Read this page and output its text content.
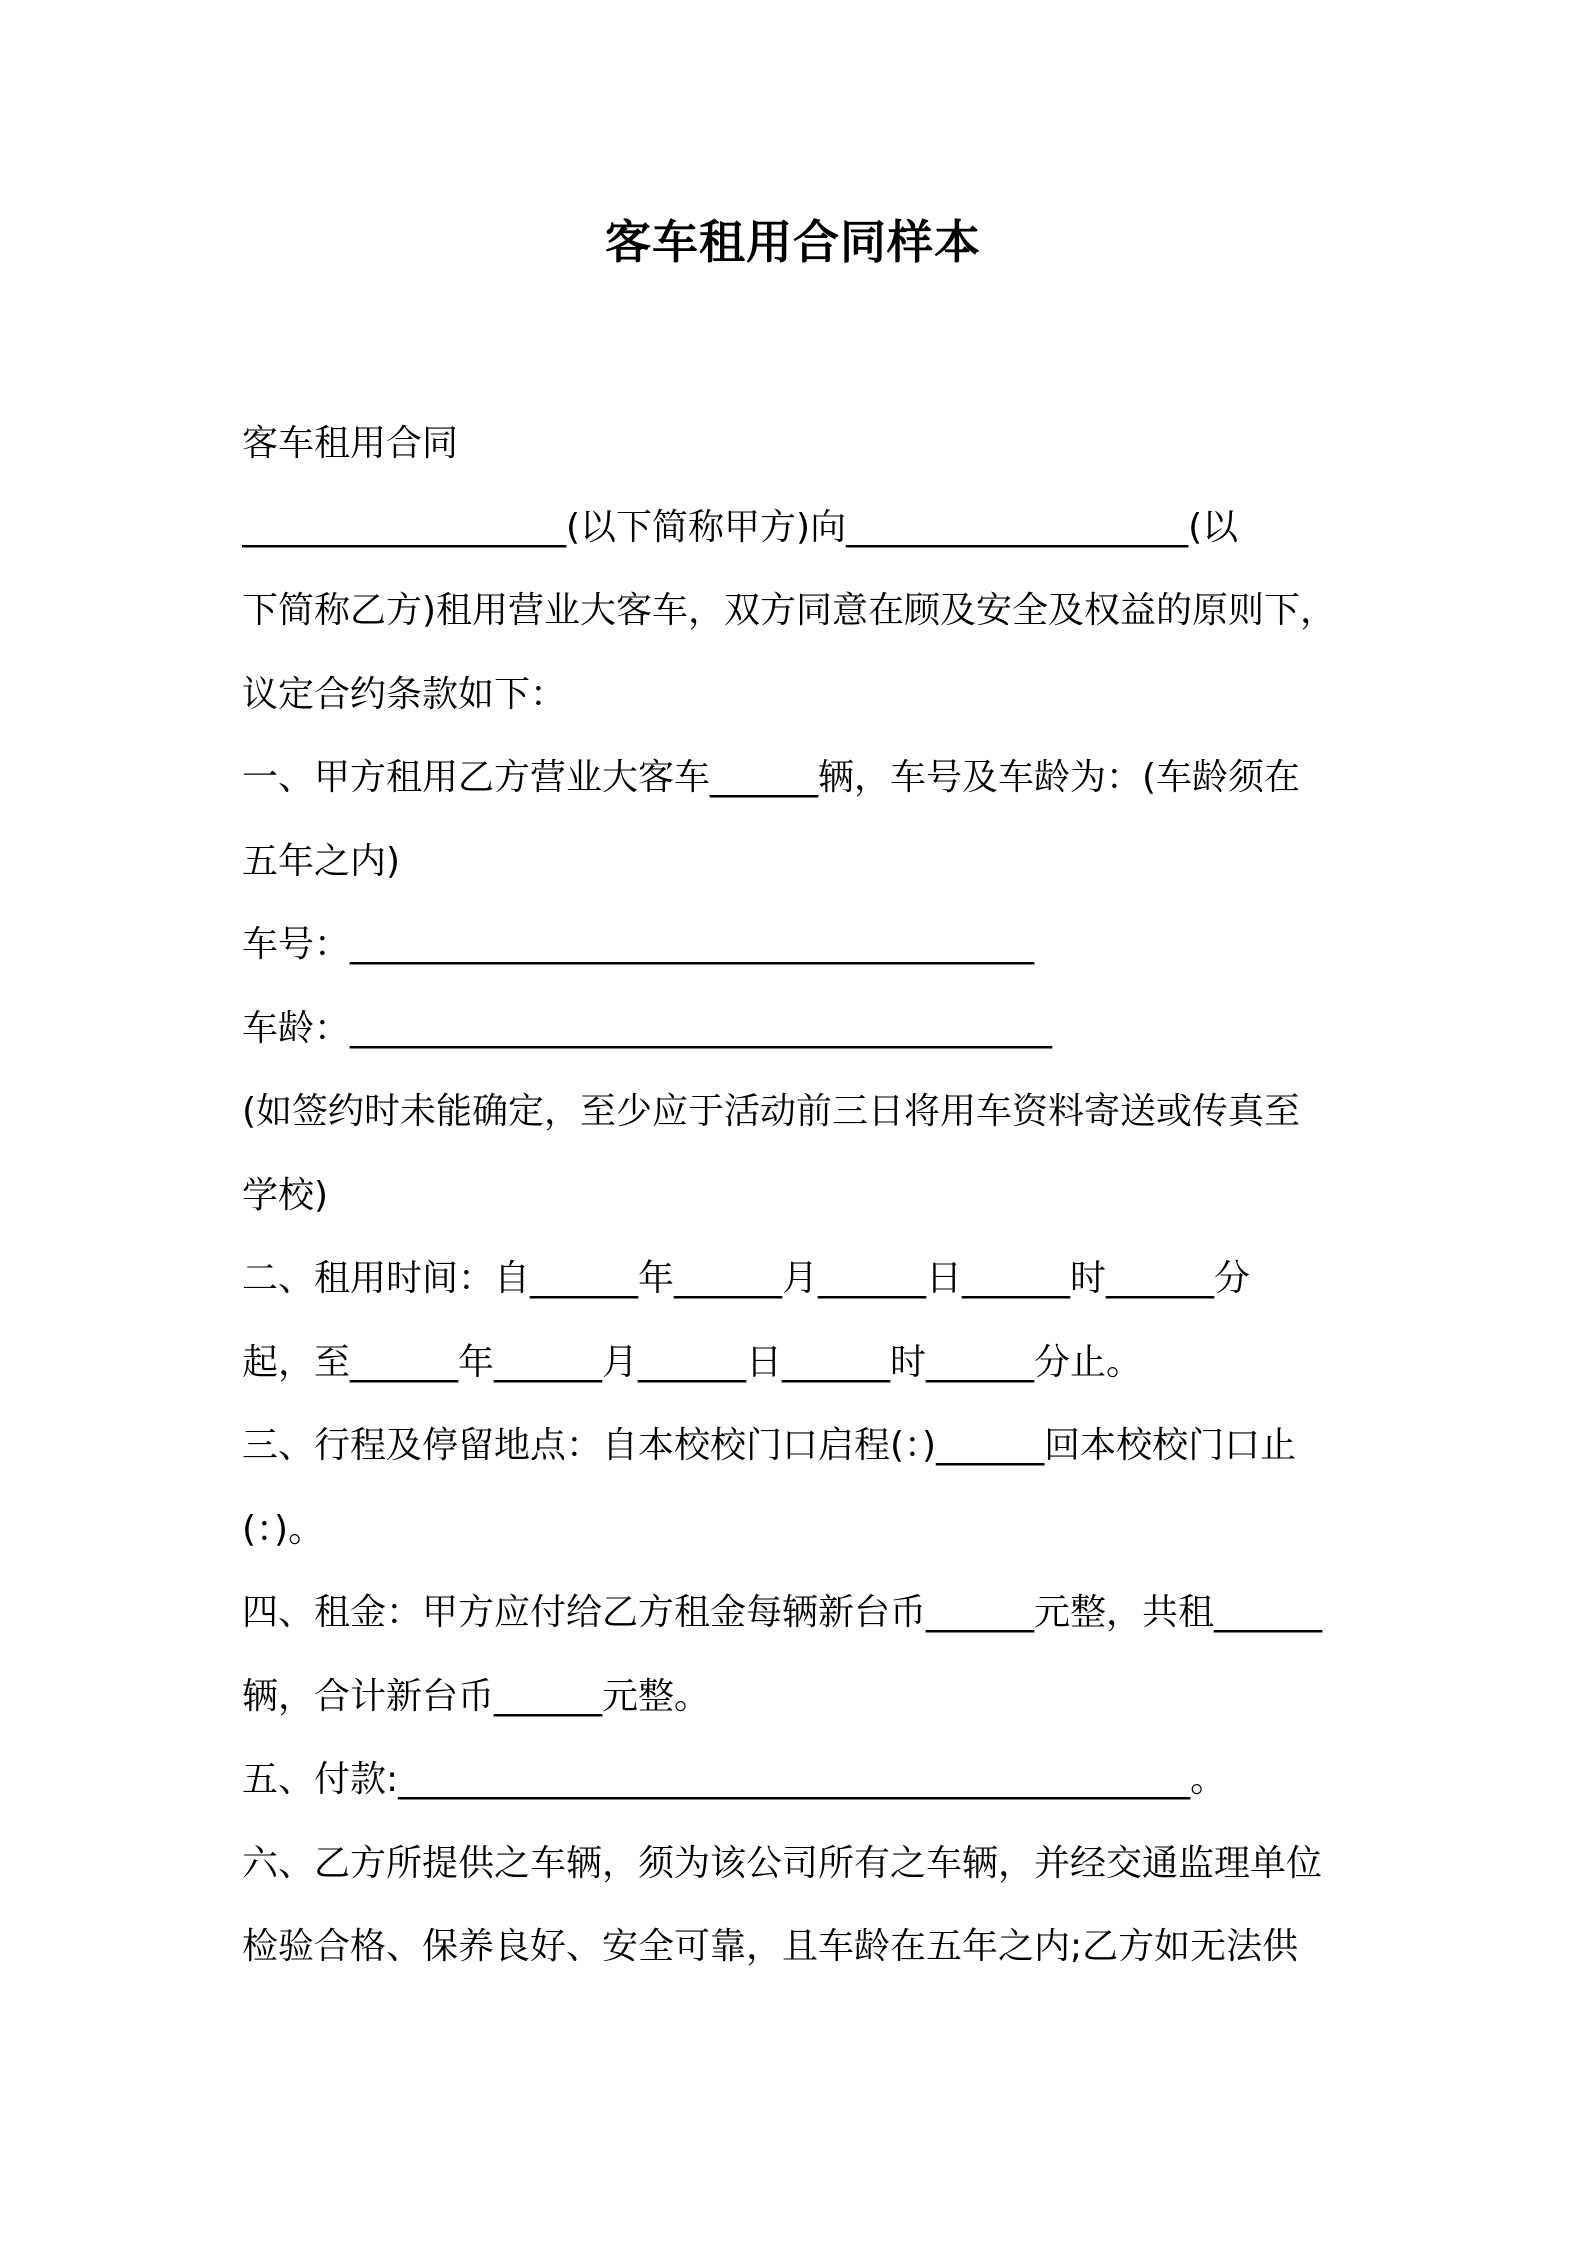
客车租用合同样本
客车租用合同
__________________(以下简称甲方)向___________________(以
下简称乙方)租用营业大客车，双方同意在顾及安全及权益的原则下，
议定合约条款如下：
一、甲方租用乙方营业大客车______辆，车号及车龄为：(车龄须在
五年之内)
车号：______________________________________
车龄：_______________________________________
(如签约时未能确定，至少应于活动前三日将用车资料寄送或传真至
学校)
二、租用时间：自______年______月______日______时______分
起，至______年______月______日______时______分止。
三、行程及停留地点：自本校校门口启程(：)______回本校校门口止
(：)。
四、租金：甲方应付给乙方租金每辆新台币______元整，共租______
辆，合计新台币______元整。
五、付款:____________________________________________。
六、乙方所提供之车辆，须为该公司所有之车辆，并经交通监理单位
检验合格、保养良好、安全可靠，且车龄在五年之内;乙方如无法供
